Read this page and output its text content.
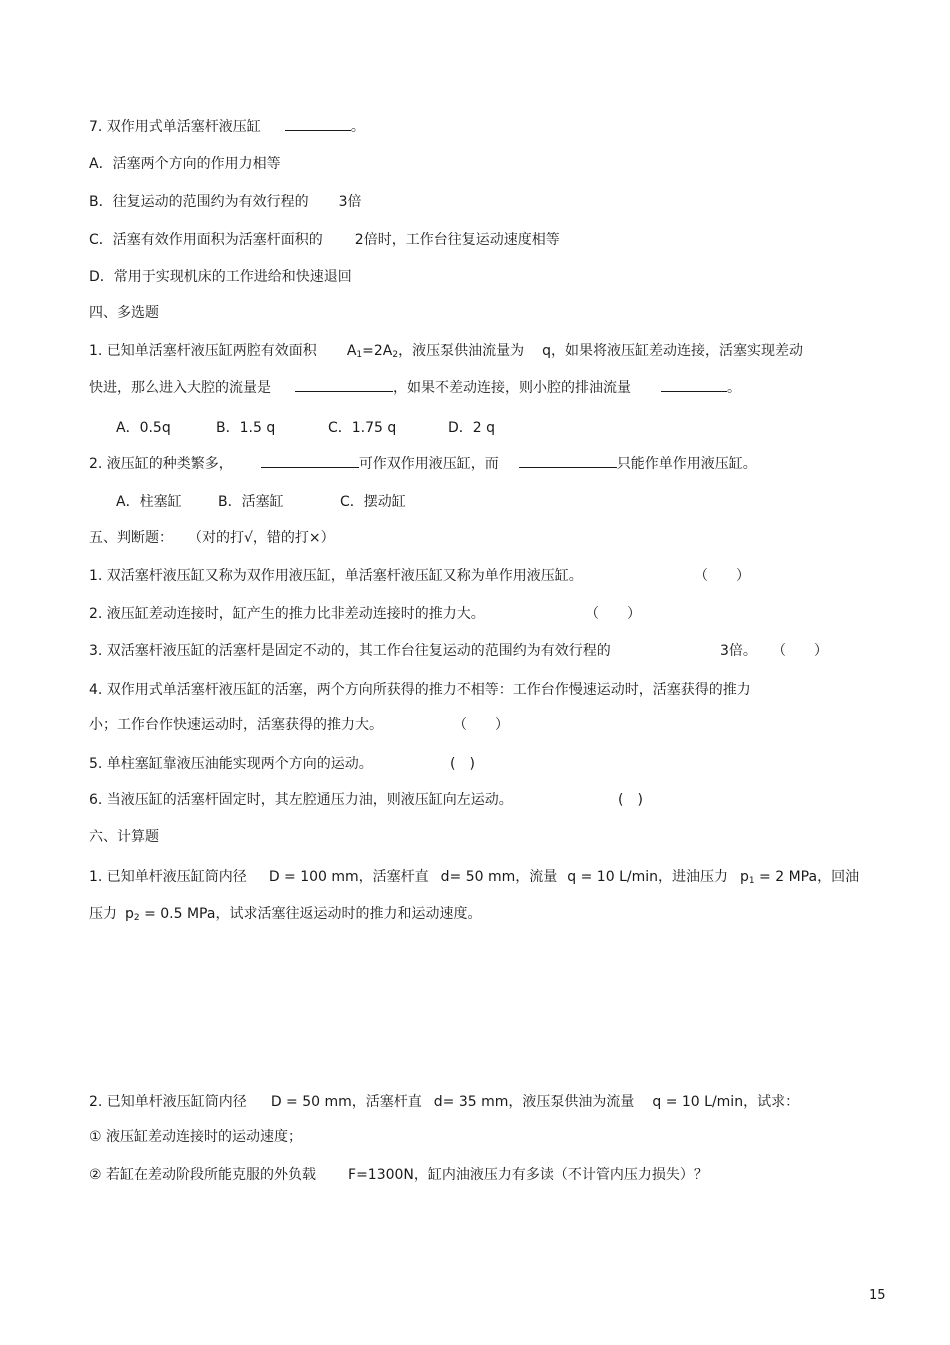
7. 双作用式单活塞杆液压缸	。
A．活塞两个方向的作用力相等
B．往复运动的范围约为有效行程的 3倍
C．活塞有效作用面积为活塞杆面积的 2倍时，工作台往复运动速度相等
D．常用于实现机床的工作进给和快速退回
四、多选题
1. 已知单活塞杆液压缸两腔有效面积 $A_1=2A_2$，液压泵供油流量为 q，如果将液压缸差动连接，活塞实现差动
快进，那么进入大腔的流量是	，如果不差动连接，则小腔的排油流量	。
A．0.5q	B．1.5 q	C．1.75 q	D．2 q
2. 液压缸的种类繁多，	可作双作用液压缸，而	只能作单作用液压缸。
A．柱塞缸	B．活塞缸	C．摆动缸
五、判断题： （对的打√，错的打×）
1. 双活塞杆液压缸又称为双作用液压缸，单活塞杆液压缸又称为单作用液压缸。	（　　）
2. 液压缸差动连接时，缸产生的推力比非差动连接时的推力大。	（　　）
3. 双活塞杆液压缸的活塞杆是固定不动的，其工作台往复运动的范围约为有效行程的	3倍。 （　　）
4. 双作用式单活塞杆液压缸的活塞，两个方向所获得的推力不相等：工作台作慢速运动时，活塞获得的推力
小；工作台作快速运动时，活塞获得的推力大。	（　　）
5. 单柱塞缸靠液压油能实现两个方向的运动。	(　)
6. 当液压缸的活塞杆固定时，其左腔通压力油，则液压缸向左运动。	(　)
六、计算题
1. 已知单杆液压缸筒内径 D = 100 mm，活塞杆直 d= 50 mm，流量 q = 10 L/min，进油压力 $p_1 = 2$ MPa，回油
压力 $p_2 = 0.5$ MPa，试求活塞往返运动时的推力和运动速度。
2. 已知单杆液压缸筒内径 D = 50 mm，活塞杆直 d= 35 mm，液压泵供油为流量 q = 10 L/min，试求：
① 液压缸差动连接时的运动速度；
② 若缸在差动阶段所能克服的外负载 F=1300N，缸内油液压力有多读（不计管内压力损失）？
15
